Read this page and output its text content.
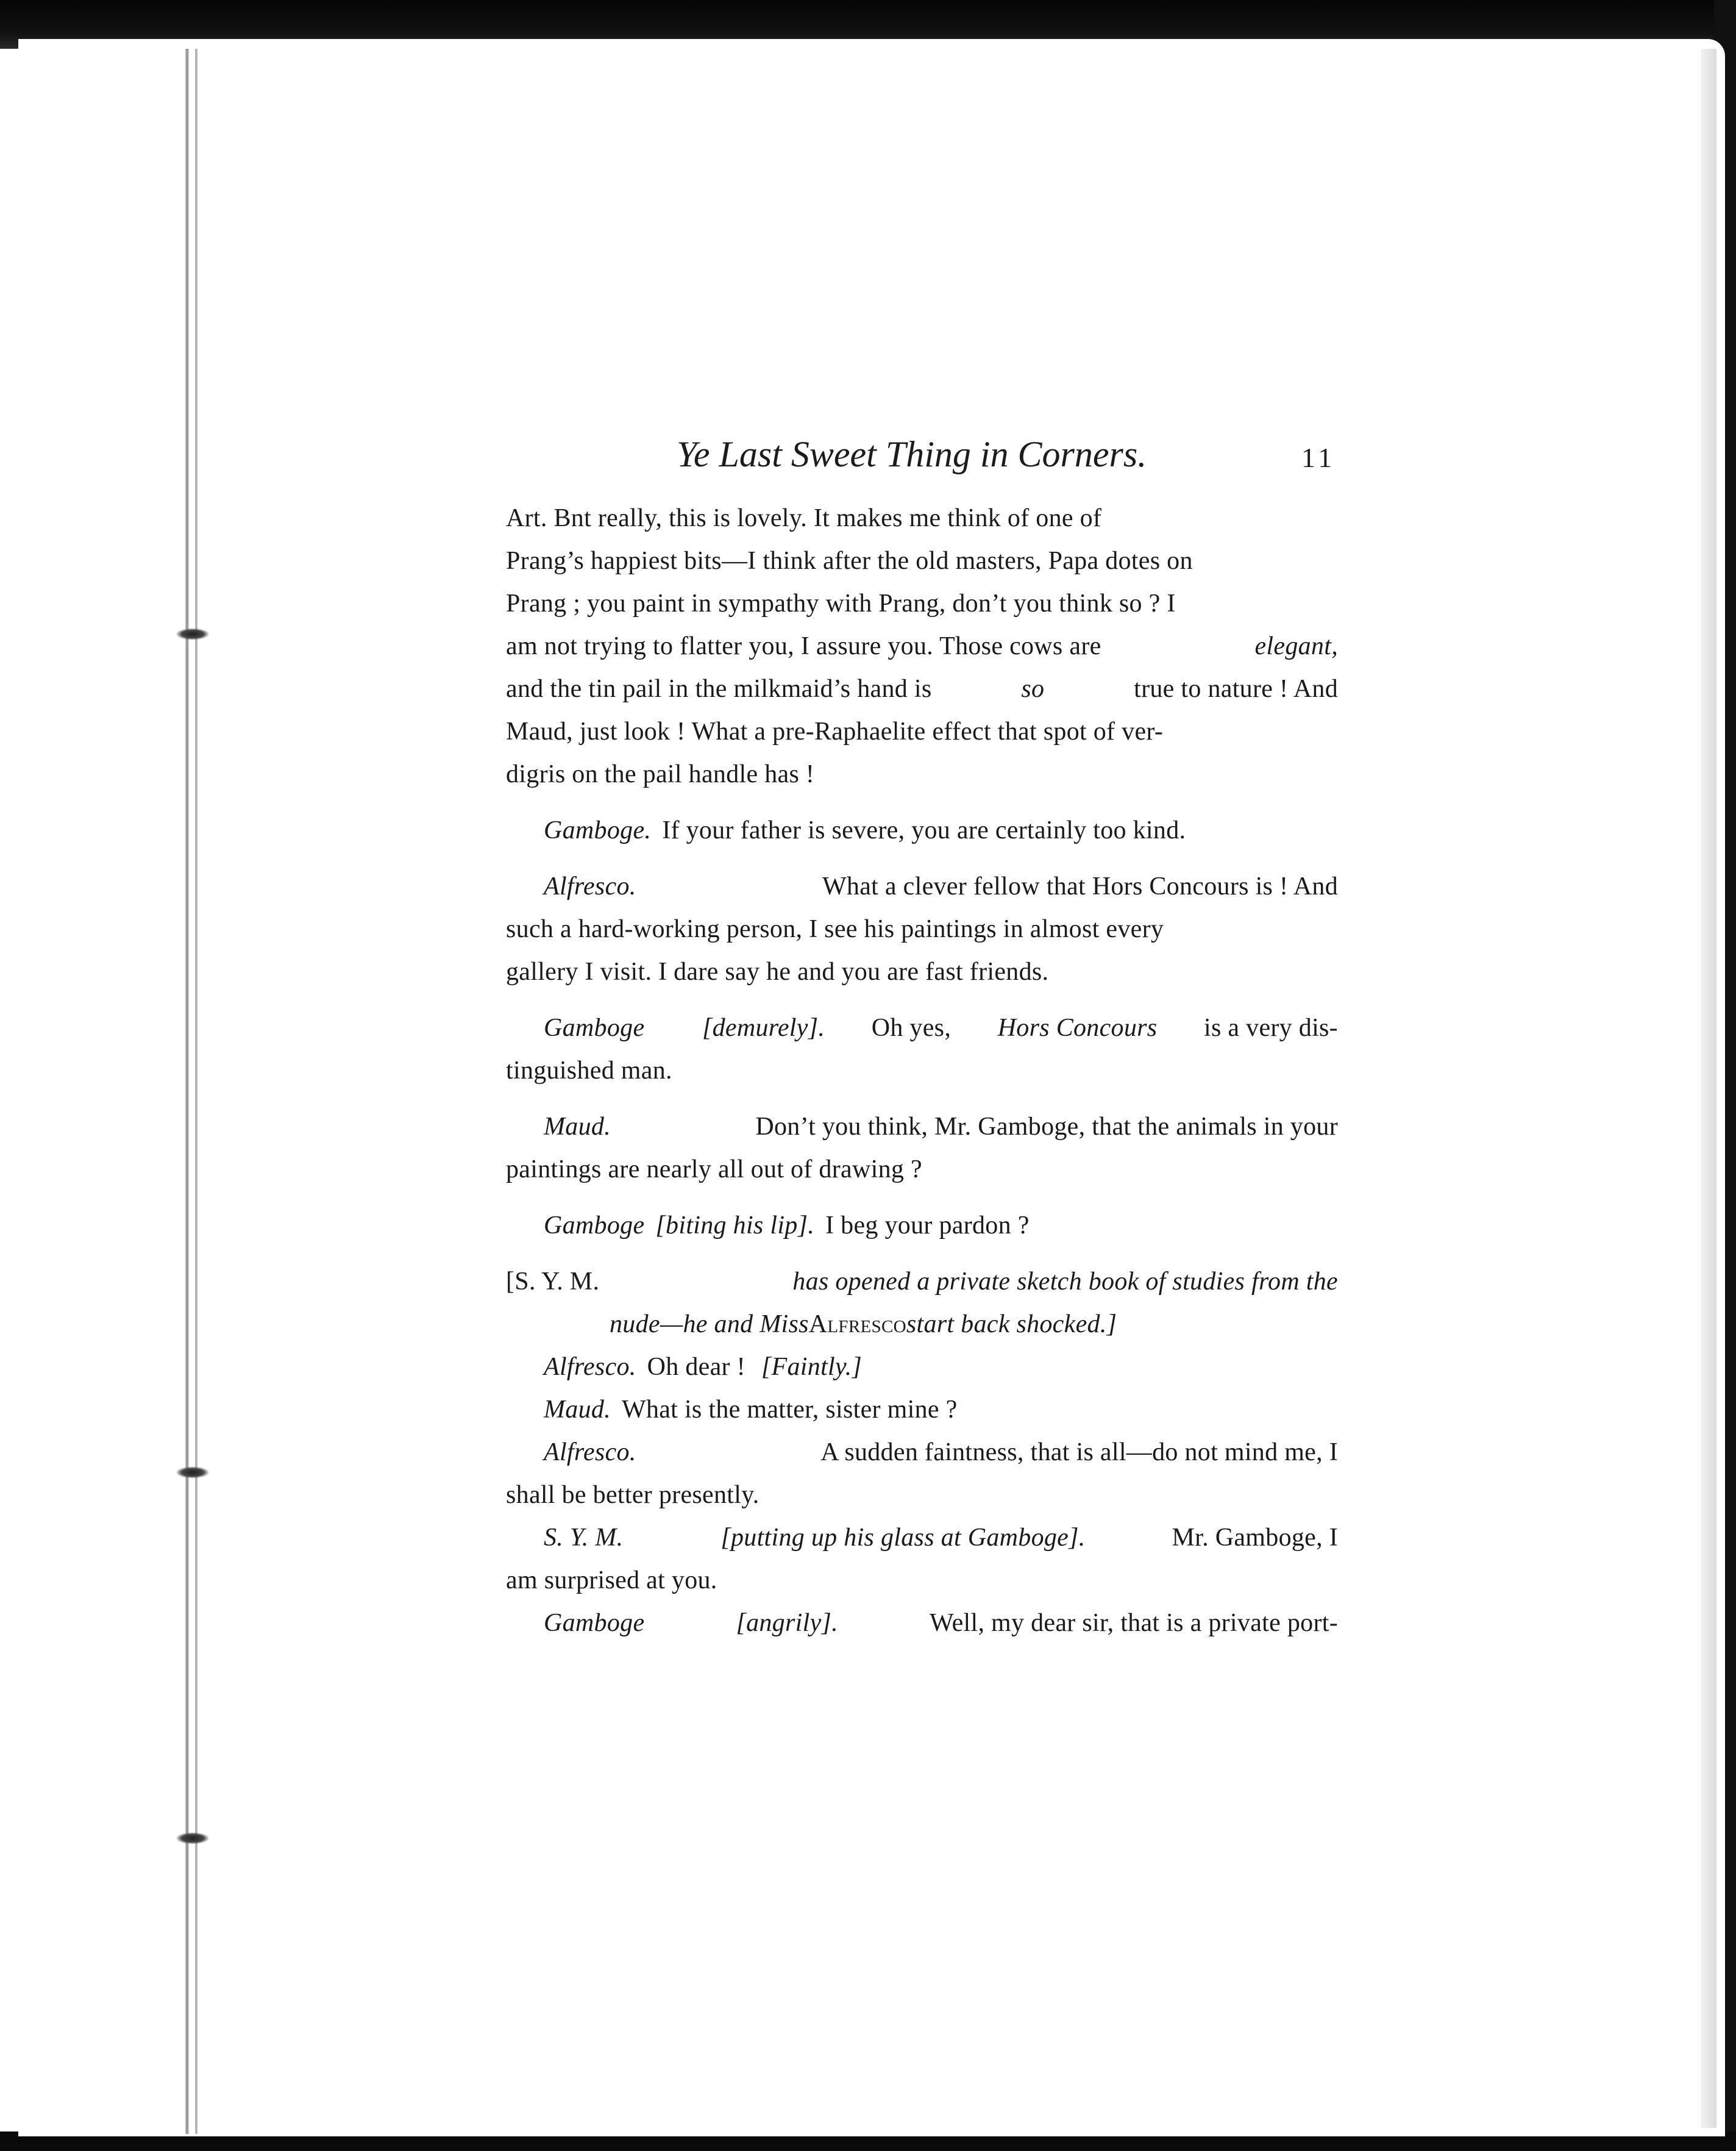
Ye Last Sweet Thing in Corners.	11
Art. Bnt really, this is lovely. It makes me think of one of
Prang’s happiest bits—I think after the old masters, Papa dotes on
Prang ; you paint in sympathy with Prang, don’t you think so ? I
am not trying to flatter you, I assure you. Those cows are	elegant,
and the tin pail in the milkmaid’s hand is	so	true to nature ! And
Maud, just look ! What a pre-Raphaelite effect that spot of ver-
digris on the pail handle has !
Gamboge. If your father is severe, you are certainly too kind.
Alfresco.	What a clever fellow that Hors Concours is ! And
such a hard-working person, I see his paintings in almost every
gallery I visit. I dare say he and you are fast friends.
Gamboge [demurely]. Oh yes, Hors Concours is a very dis-
tinguished man.
Maud.	Don’t you think, Mr. Gamboge, that the animals in your
paintings are nearly all out of drawing ?
Gamboge [biting his lip]. I beg your pardon ?
[S. Y. M.	has opened a private sketch book of studies from the
nude—he and Miss Alfresco start back shocked.]
Alfresco. Oh dear ! [Faintly.]
Maud. What is the matter, sister mine ?
Alfresco.	A sudden faintness, that is all—do not mind me, I
shall be better presently.
S. Y. M.	[putting up his glass at Gamboge].	Mr. Gamboge, I
am surprised at you.
Gamboge	[angrily].	Well, my dear sir, that is a private port-
